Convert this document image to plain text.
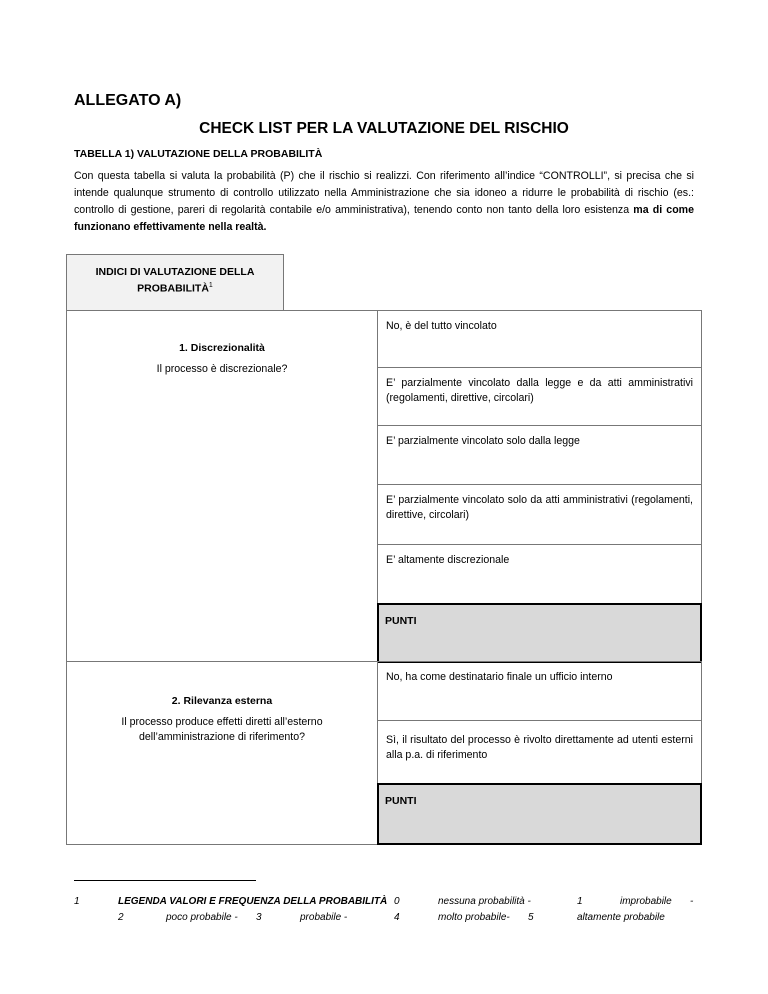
ALLEGATO A)
CHECK LIST PER LA VALUTAZIONE DEL RISCHIO
TABELLA 1) VALUTAZIONE DELLA PROBABILITÀ
Con questa tabella si valuta la probabilità (P) che il rischio si realizzi. Con riferimento all’indice “CONTROLLI”, si precisa che si intende qualunque strumento di controllo utilizzato nella Amministrazione che sia idoneo a ridurre le probabilità di rischio (es.: controllo di gestione, pareri di regolarità contabile e/o amministrativa), tenendo conto non tanto della loro esistenza ma di come funzionano effettivamente nella realtà.
INDICI DI VALUTAZIONE DELLA PROBABILITÀ$^1$
1. Discrezionalità
Il processo è discrezionale?
No, è del tutto vincolato
E’ parzialmente vincolato dalla legge e da atti amministrativi (regolamenti, direttive, circolari)
E’ parzialmente vincolato solo dalla legge
E’ parzialmente vincolato solo da atti amministrativi (regolamenti, direttive, circolari)
E’ altamente discrezionale
PUNTI
2. Rilevanza esterna
Il processo produce effetti diretti all’esterno dell’amministrazione di riferimento?
No, ha come destinatario finale un ufficio interno
Sì, il risultato del processo è rivolto direttamente ad utenti esterni alla p.a. di riferimento
PUNTI
1	LEGENDA VALORI E FREQUENZA DELLA PROBABILITÀ 0	nessuna probabilità -	1	improbabile -
2	poco probabile - 3	probabile -	4	molto probabile- 5	altamente probabile
